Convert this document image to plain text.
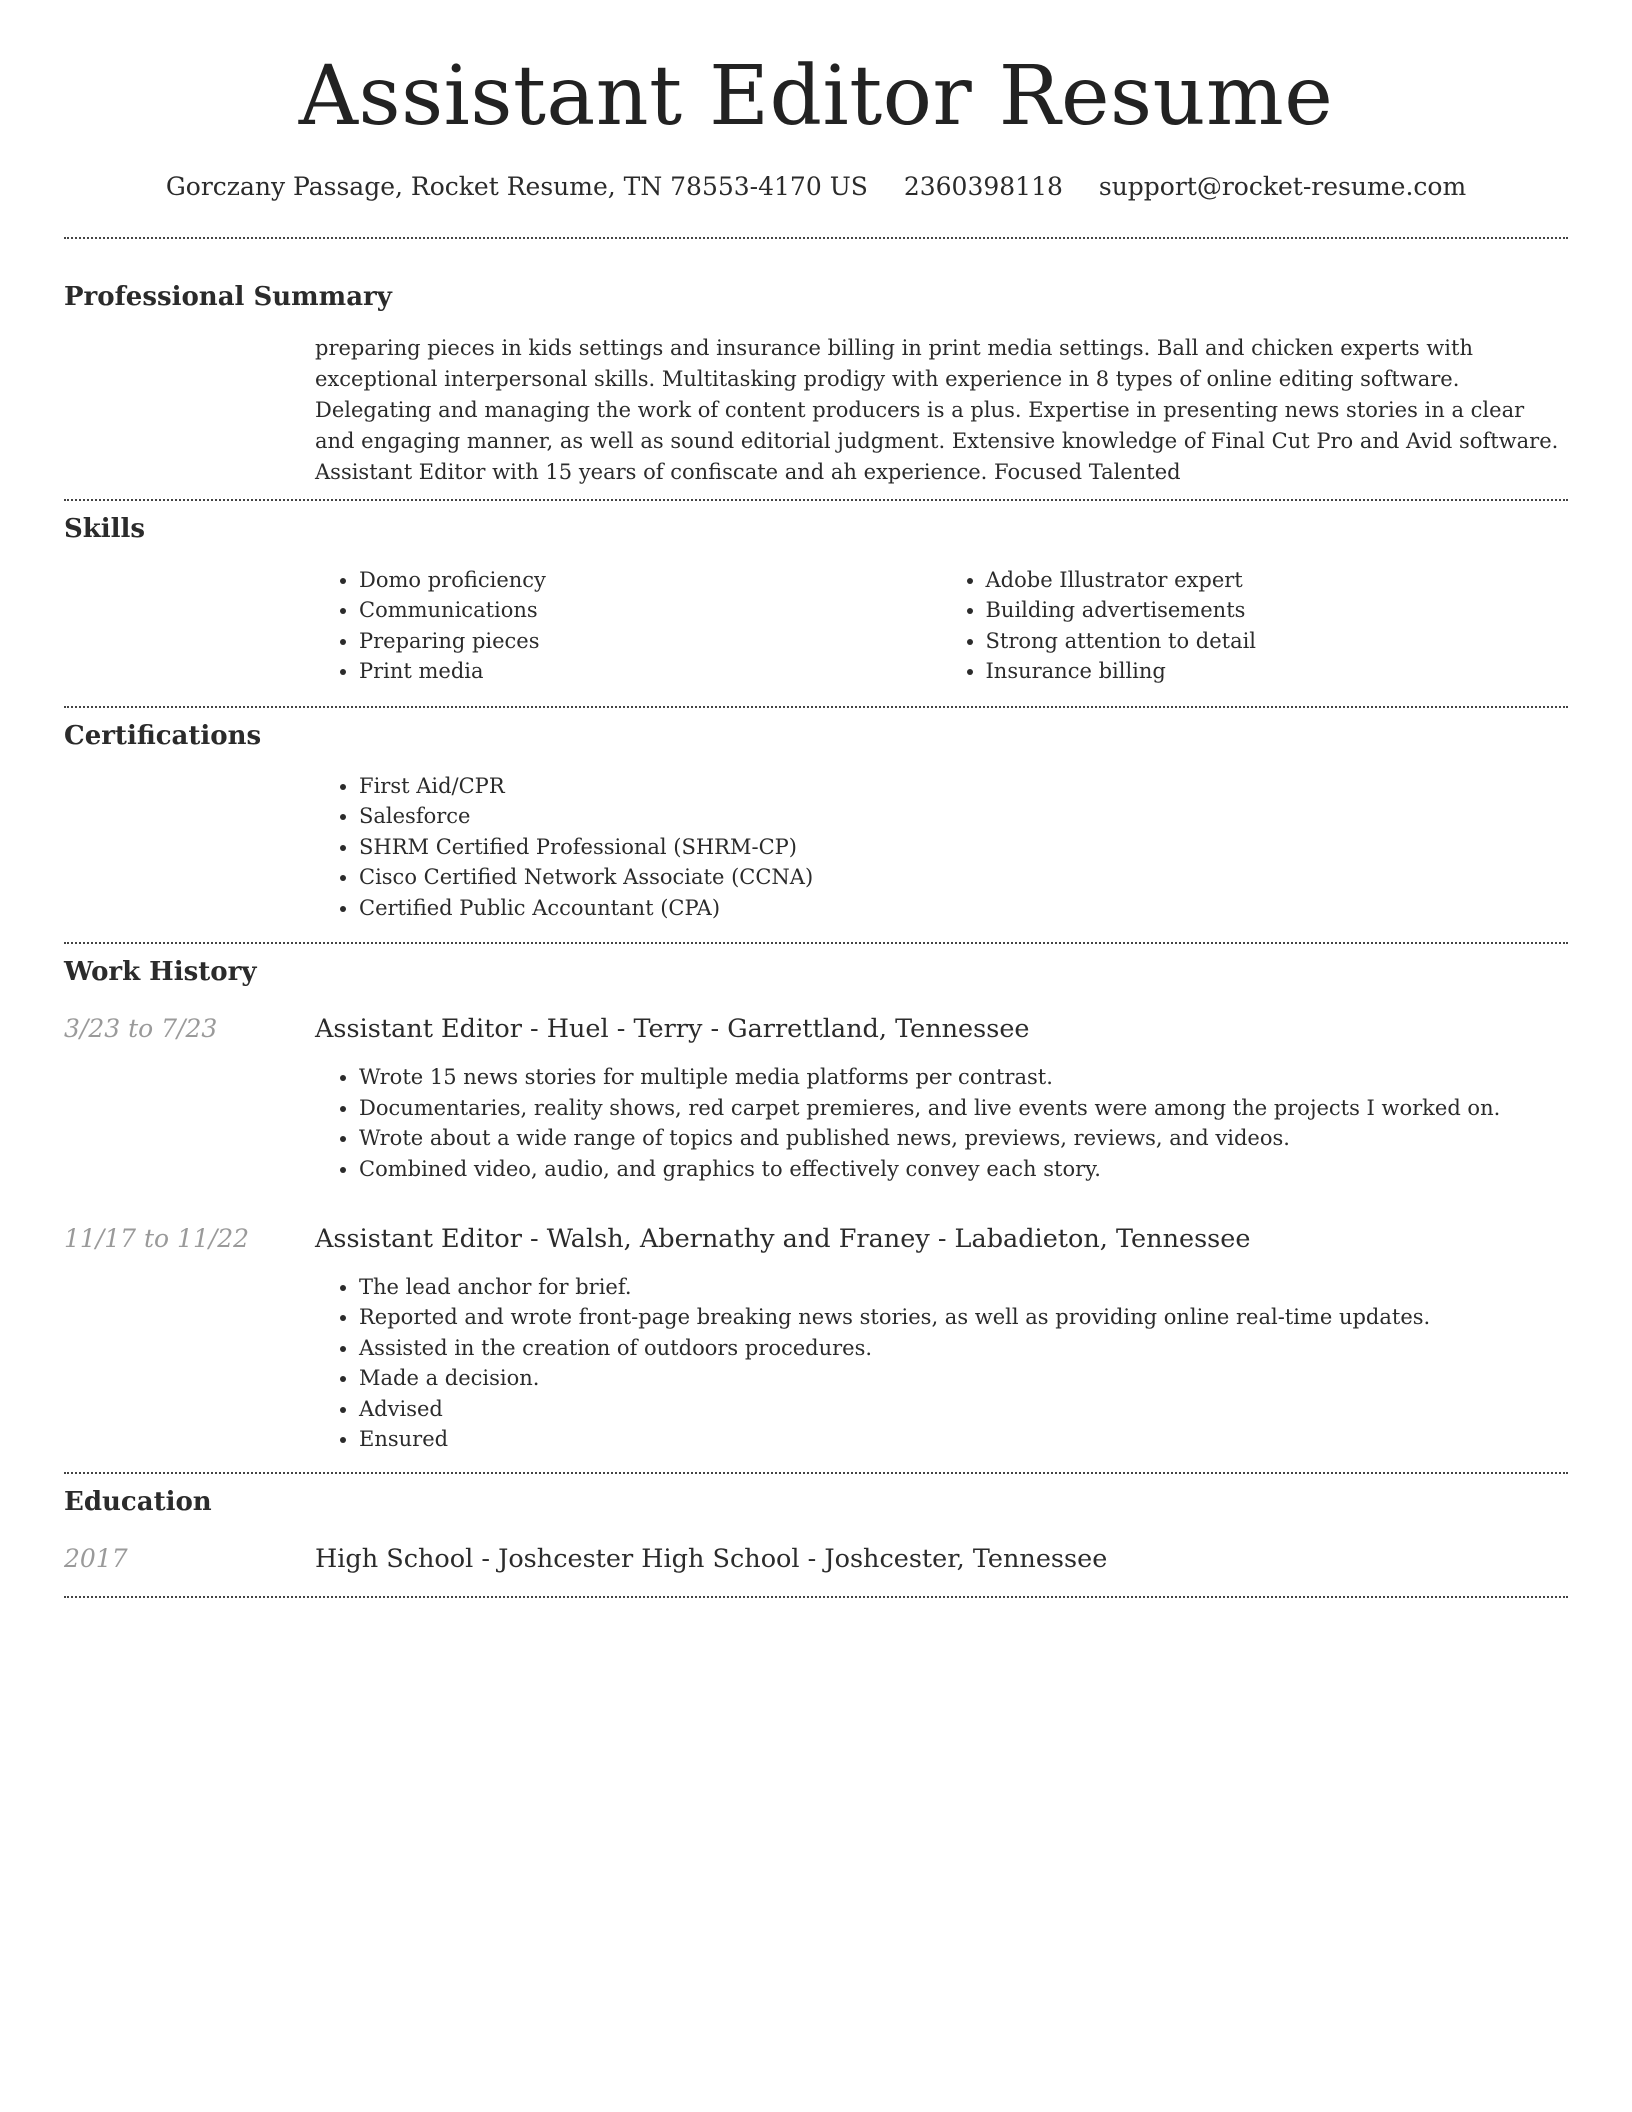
Assistant Editor Resume
Gorczany Passage, Rocket Resume, TN 78553-4170 US 2360398118 support@rocket-resume.com
Professional Summary

preparing pieces in kids settings and insurance billing in print media settings. Ball and chicken experts with exceptional interpersonal skills. Multitasking prodigy with experience in 8 types of online editing software. Delegating and managing the work of content producers is a plus. Expertise in presenting news stories in a clear and engaging manner, as well as sound editorial judgment. Extensive knowledge of Final Cut Pro and Avid software. Assistant Editor with 15 years of confiscate and ah experience. Focused Talented

Skills
• Domo proficiency
• Communications
• Preparing pieces
• Print media
• Adobe Illustrator expert
• Building advertisements
• Strong attention to detail
• Insurance billing
Certifications
• First Aid/CPR
• Salesforce
• SHRM Certified Professional (SHRM-CP)
• Cisco Certified Network Associate (CCNA)
• Certified Public Accountant (CPA)
Work History
3/23 to 7/23	Assistant Editor - Huel - Terry - Garrettland, Tennessee
• Wrote 15 news stories for multiple media platforms per contrast.
• Documentaries, reality shows, red carpet premieres, and live events were among the projects I worked on.
• Wrote about a wide range of topics and published news, previews, reviews, and videos.
• Combined video, audio, and graphics to effectively convey each story.
11/17 to 11/22	Assistant Editor - Walsh, Abernathy and Franey - Labadieton, Tennessee
• The lead anchor for brief.
• Reported and wrote front-page breaking news stories, as well as providing online real-time updates.
• Assisted in the creation of outdoors procedures.
• Made a decision.
• Advised
• Ensured
Education
2017	High School - Joshcester High School - Joshcester, Tennessee
